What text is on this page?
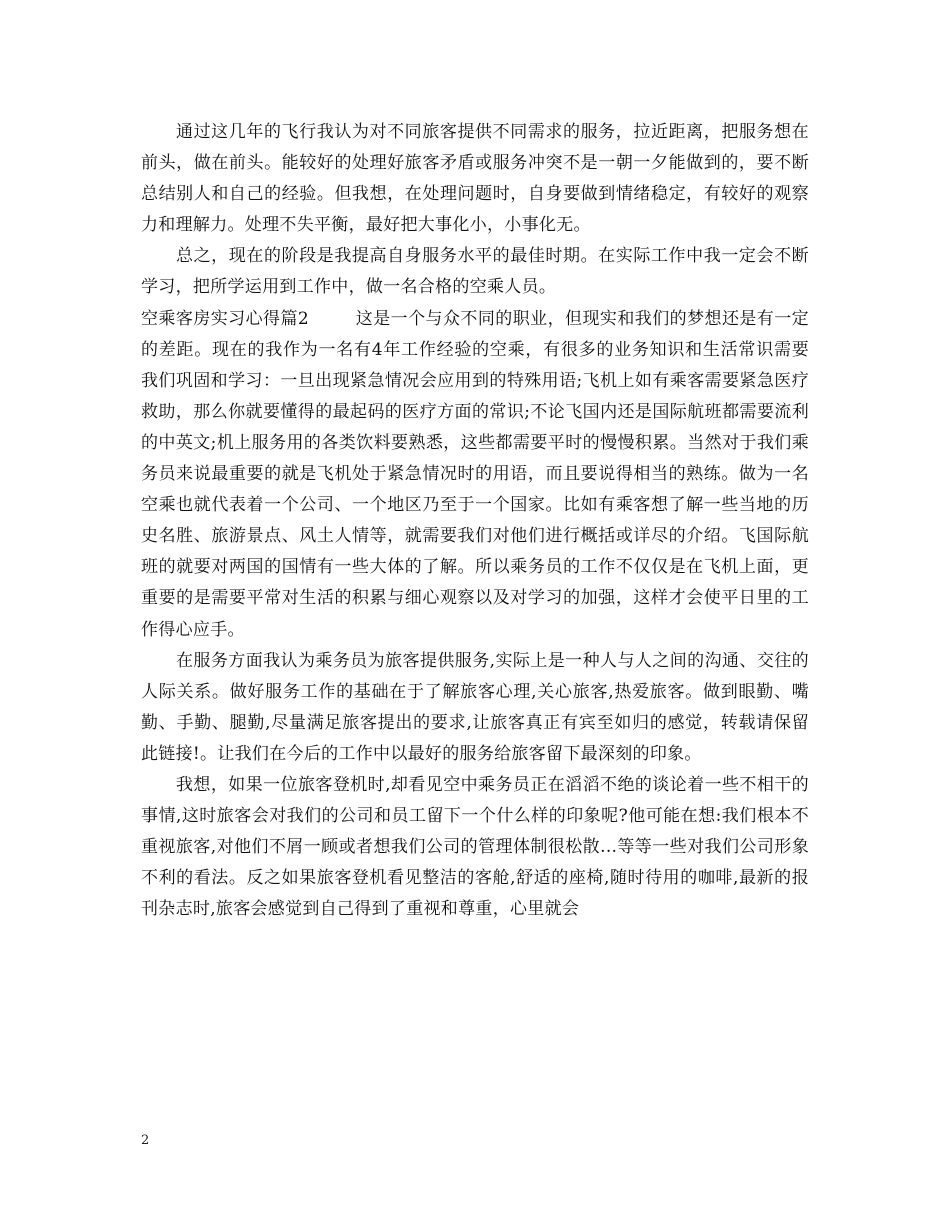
通过这几年的飞行我认为对不同旅客提供不同需求的服务，拉近距离，把服务想在前头，做在前头。能较好的处理好旅客矛盾或服务冲突不是一朝一夕能做到的，要不断总结别人和自己的经验。但我想，在处理问题时，自身要做到情绪稳定，有较好的观察力和理解力。处理不失平衡，最好把大事化小，小事化无。

总之，现在的阶段是我提高自身服务水平的最佳时期。在实际工作中我一定会不断学习，把所学运用到工作中，做一名合格的空乘人员。

空乘客房实习心得篇2	这是一个与众不同的职业，但现实和我们的梦想还是有一定的差距。现在的我作为一名有4年工作经验的空乘，有很多的业务知识和生活常识需要我们巩固和学习：一旦出现紧急情况会应用到的特殊用语;飞机上如有乘客需要紧急医疗救助，那么你就要懂得的最起码的医疗方面的常识;不论飞国内还是国际航班都需要流利的中英文;机上服务用的各类饮料要熟悉，这些都需要平时的慢慢积累。当然对于我们乘务员来说最重要的就是飞机处于紧急情况时的用语，而且要说得相当的熟练。做为一名空乘也就代表着一个公司、一个地区乃至于一个国家。比如有乘客想了解一些当地的历史名胜、旅游景点、风土人情等，就需要我们对他们进行概括或详尽的介绍。飞国际航班的就要对两国的国情有一些大体的了解。所以乘务员的工作不仅仅是在飞机上面，更重要的是需要平常对生活的积累与细心观察以及对学习的加强，这样才会使平日里的工作得心应手。

在服务方面我认为乘务员为旅客提供服务,实际上是一种人与人之间的沟通、交往的人际关系。做好服务工作的基础在于了解旅客心理,关心旅客,热爱旅客。做到眼勤、嘴勤、手勤、腿勤,尽量满足旅客提出的要求,让旅客真正有宾至如归的感觉，转载请保留此链接!。让我们在今后的工作中以最好的服务给旅客留下最深刻的印象。

我想，如果一位旅客登机时,却看见空中乘务员正在滔滔不绝的谈论着一些不相干的事情,这时旅客会对我们的公司和员工留下一个什么样的印象呢?他可能在想:我们根本不重视旅客,对他们不屑一顾或者想我们公司的管理体制很松散...等等一些对我们公司形象不利的看法。反之如果旅客登机看见整洁的客舱,舒适的座椅,随时待用的咖啡,最新的报刊杂志时,旅客会感觉到自己得到了重视和尊重，心里就会

2
